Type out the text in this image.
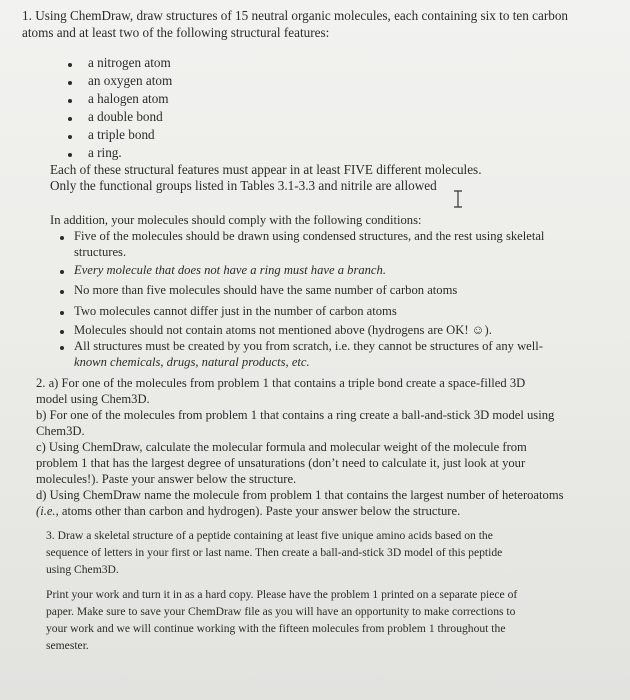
1. Using ChemDraw, draw structures of 15 neutral organic molecules, each containing six to ten carbon
atoms and at least two of the following structural features:
a nitrogen atom
an oxygen atom
a halogen atom
a double bond
a triple bond
a ring.
Each of these structural features must appear in at least FIVE different molecules.
Only the functional groups listed in Tables 3.1-3.3 and nitrile are allowed
In addition, your molecules should comply with the following conditions:
Five of the molecules should be drawn using condensed structures, and the rest using skeletal
structures.
Every molecule that does not have a ring must have a branch.
No more than five molecules should have the same number of carbon atoms
Two molecules cannot differ just in the number of carbon atoms
Molecules should not contain atoms not mentioned above (hydrogens are OK! ☺).
All structures must be created by you from scratch, i.e. they cannot be structures of any well-
known chemicals, drugs, natural products, etc.
2. a) For one of the molecules from problem 1 that contains a triple bond create a space-filled 3D
model using Chem3D.
b) For one of the molecules from problem 1 that contains a ring create a ball-and-stick 3D model using
Chem3D.
c) Using ChemDraw, calculate the molecular formula and molecular weight of the molecule from
problem 1 that has the largest degree of unsaturations (don’t need to calculate it, just look at your
molecules!). Paste your answer below the structure.
d) Using ChemDraw name the molecule from problem 1 that contains the largest number of heteroatoms
(i.e., atoms other than carbon and hydrogen). Paste your answer below the structure.
3. Draw a skeletal structure of a peptide containing at least five unique amino acids based on the
sequence of letters in your first or last name. Then create a ball-and-stick 3D model of this peptide
using Chem3D.
Print your work and turn it in as a hard copy. Please have the problem 1 printed on a separate piece of
paper. Make sure to save your ChemDraw file as you will have an opportunity to make corrections to
your work and we will continue working with the fifteen molecules from problem 1 throughout the
semester.
